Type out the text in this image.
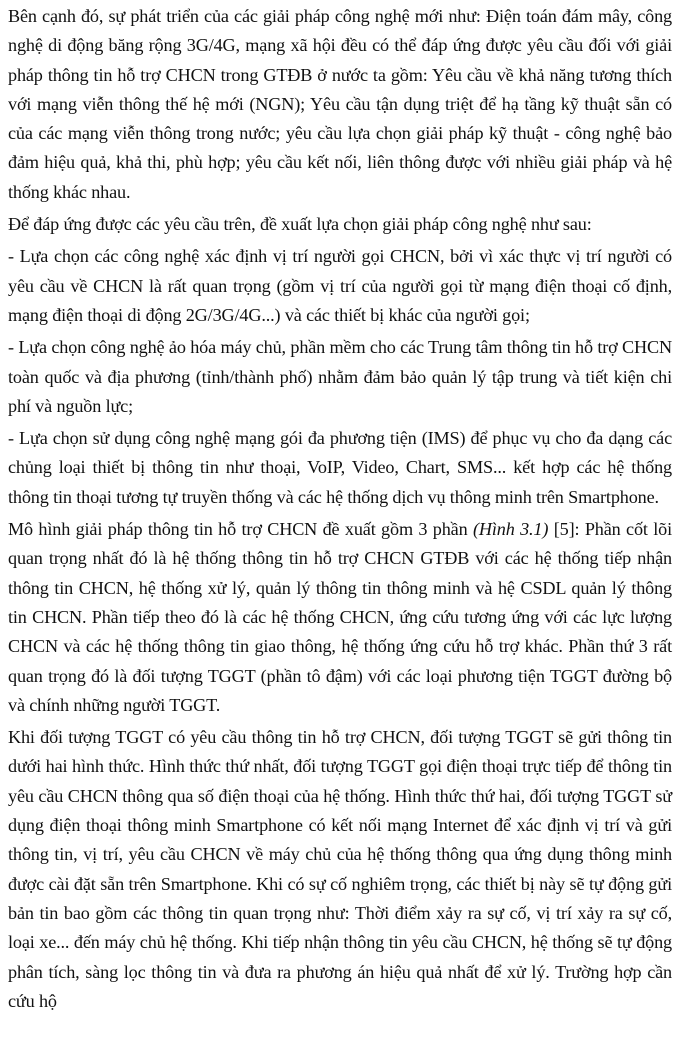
Bên cạnh đó, sự phát triển của các giải pháp công nghệ mới như: Điện toán đám mây, công nghệ di động băng rộng 3G/4G, mạng xã hội đều có thể đáp ứng được yêu cầu đối với giải pháp thông tin hỗ trợ CHCN trong GTĐB ở nước ta gồm: Yêu cầu về khả năng tương thích với mạng viễn thông thế hệ mới (NGN); Yêu cầu tận dụng triệt để hạ tầng kỹ thuật sẵn có của các mạng viễn thông trong nước; yêu cầu lựa chọn giải pháp kỹ thuật - công nghệ bảo đảm hiệu quả, khả thi, phù hợp; yêu cầu kết nối, liên thông được với nhiều giải pháp và hệ thống khác nhau.

Để đáp ứng được các yêu cầu trên, đề xuất lựa chọn giải pháp công nghệ như sau:

- Lựa chọn các công nghệ xác định vị trí người gọi CHCN, bởi vì xác thực vị trí người có yêu cầu về CHCN là rất quan trọng (gồm vị trí của người gọi từ mạng điện thoại cố định, mạng điện thoại di động 2G/3G/4G...) và các thiết bị khác của người gọi;

- Lựa chọn công nghệ ảo hóa máy chủ, phần mềm cho các Trung tâm thông tin hỗ trợ CHCN toàn quốc và địa phương (tỉnh/thành phố) nhằm đảm bảo quản lý tập trung và tiết kiện chi phí và nguồn lực;

- Lựa chọn sử dụng công nghệ mạng gói đa phương tiện (IMS) để phục vụ cho đa dạng các chủng loại thiết bị thông tin như thoại, VoIP, Video, Chart, SMS... kết hợp các hệ thống thông tin thoại tương tự truyền thống và các hệ thống dịch vụ thông minh trên Smartphone.

Mô hình giải pháp thông tin hỗ trợ CHCN đề xuất gồm 3 phần (Hình 3.1) [5]: Phần cốt lõi quan trọng nhất đó là hệ thống thông tin hỗ trợ CHCN GTĐB với các hệ thống tiếp nhận thông tin CHCN, hệ thống xử lý, quản lý thông tin thông minh và hệ CSDL quản lý thông tin CHCN. Phần tiếp theo đó là các hệ thống CHCN, ứng cứu tương ứng với các lực lượng CHCN và các hệ thống thông tin giao thông, hệ thống ứng cứu hỗ trợ khác. Phần thứ 3 rất quan trọng đó là đối tượng TGGT (phần tô đậm) với các loại phương tiện TGGT đường bộ và chính những người TGGT.

Khi đối tượng TGGT có yêu cầu thông tin hỗ trợ CHCN, đối tượng TGGT sẽ gửi thông tin dưới hai hình thức. Hình thức thứ nhất, đối tượng TGGT gọi điện thoại trực tiếp để thông tin yêu cầu CHCN thông qua số điện thoại của hệ thống. Hình thức thứ hai, đối tượng TGGT sử dụng điện thoại thông minh Smartphone có kết nối mạng Internet để xác định vị trí và gửi thông tin, vị trí, yêu cầu CHCN về máy chủ của hệ thống thông qua ứng dụng thông minh được cài đặt sẵn trên Smartphone. Khi có sự cố nghiêm trọng, các thiết bị này sẽ tự động gửi bản tin bao gồm các thông tin quan trọng như: Thời điểm xảy ra sự cố, vị trí xảy ra sự cố, loại xe... đến máy chủ hệ thống. Khi tiếp nhận thông tin yêu cầu CHCN, hệ thống sẽ tự động phân tích, sàng lọc thông tin và đưa ra phương án hiệu quả nhất để xử lý. Trường hợp cần cứu hộ
